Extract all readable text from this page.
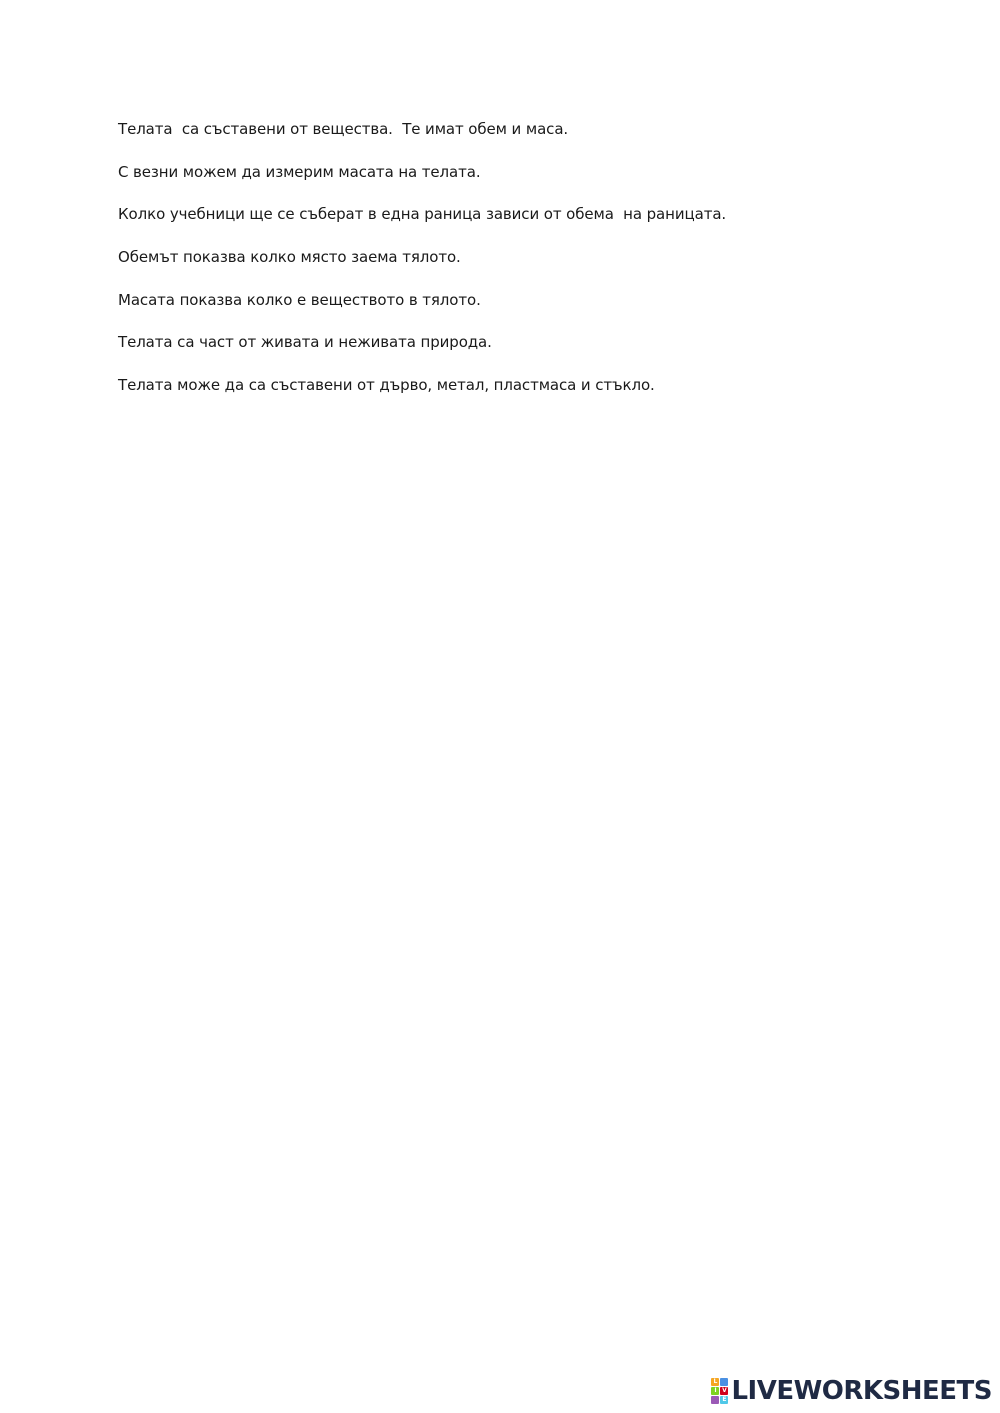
Телата  са съставени от вещества.  Те имат обем и маса.

С везни можем да измерим масата на телата.

Колко учебници ще се съберат в една раница зависи от обема  на раницата.

Обемът показва колко място заема тялото.

Масата показва колко е веществото в тялото.

Телата са част от живата и неживата природа.

Телата може да са съставени от дърво, метал, пластмаса и стъкло.

L
I V
E LIVEWORKSHEETS
